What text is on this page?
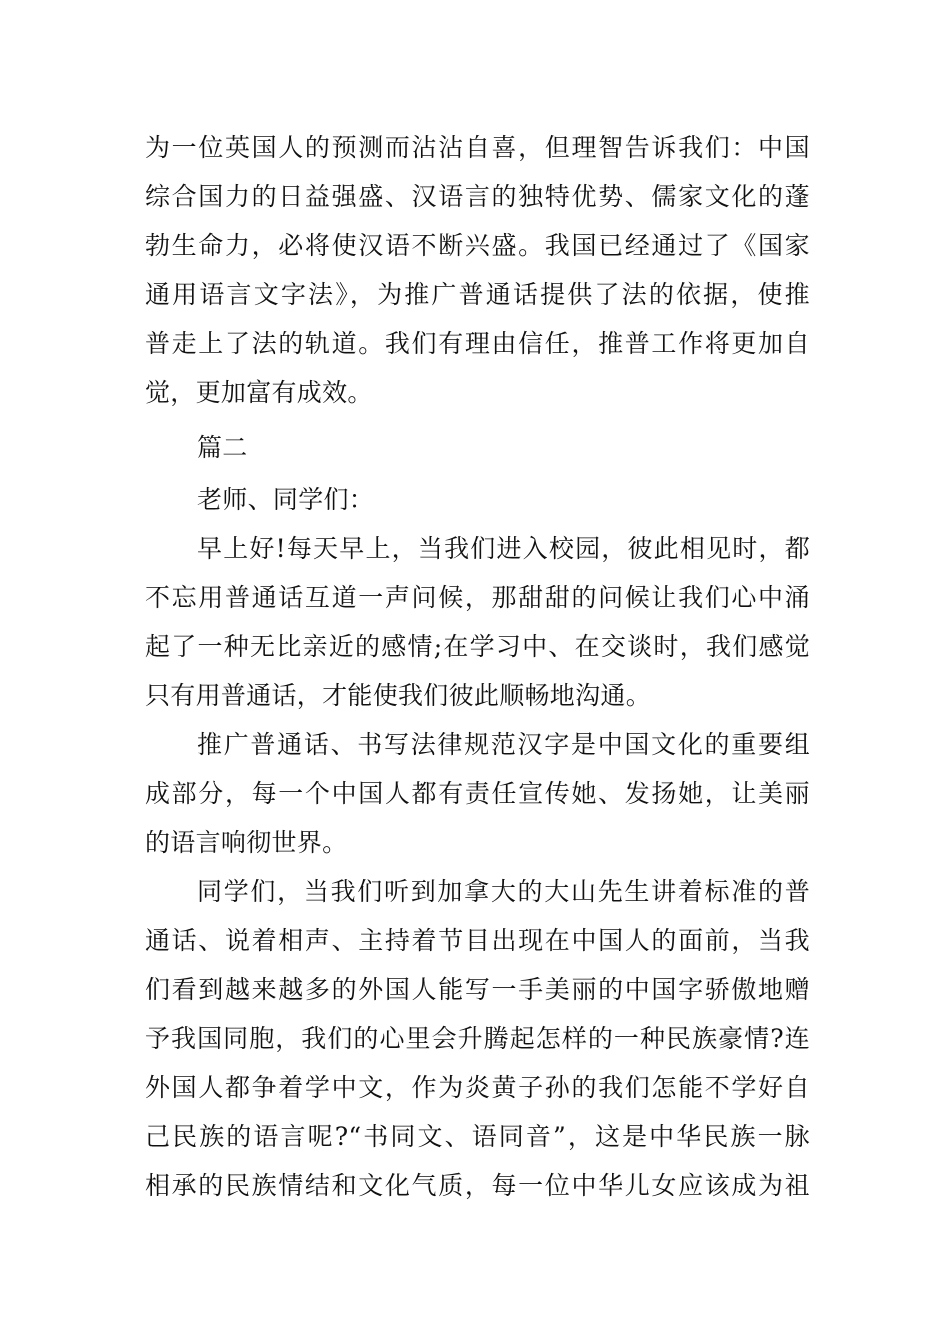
为一位英国人的预测而沾沾自喜，但理智告诉我们：中国
综合国力的日益强盛、汉语言的独特优势、儒家文化的蓬
勃生命力，必将使汉语不断兴盛。我国已经通过了《国家
通用语言文字法》，为推广普通话提供了法的依据，使推
普走上了法的轨道。我们有理由信任，推普工作将更加自
觉，更加富有成效。
篇二
老师、同学们：
早上好!每天早上，当我们进入校园，彼此相见时，都
不忘用普通话互道一声问候，那甜甜的问候让我们心中涌
起了一种无比亲近的感情;在学习中、在交谈时，我们感觉
只有用普通话，才能使我们彼此顺畅地沟通。
推广普通话、书写法律规范汉字是中国文化的重要组
成部分，每一个中国人都有责任宣传她、发扬她，让美丽
的语言响彻世界。
同学们，当我们听到加拿大的大山先生讲着标准的普
通话、说着相声、主持着节目出现在中国人的面前，当我
们看到越来越多的外国人能写一手美丽的中国字骄傲地赠
予我国同胞，我们的心里会升腾起怎样的一种民族豪情?连
外国人都争着学中文，作为炎黄子孙的我们怎能不学好自
己民族的语言呢?“书同文、语同音”，这是中华民族一脉
相承的民族情结和文化气质，每一位中华儿女应该成为祖
